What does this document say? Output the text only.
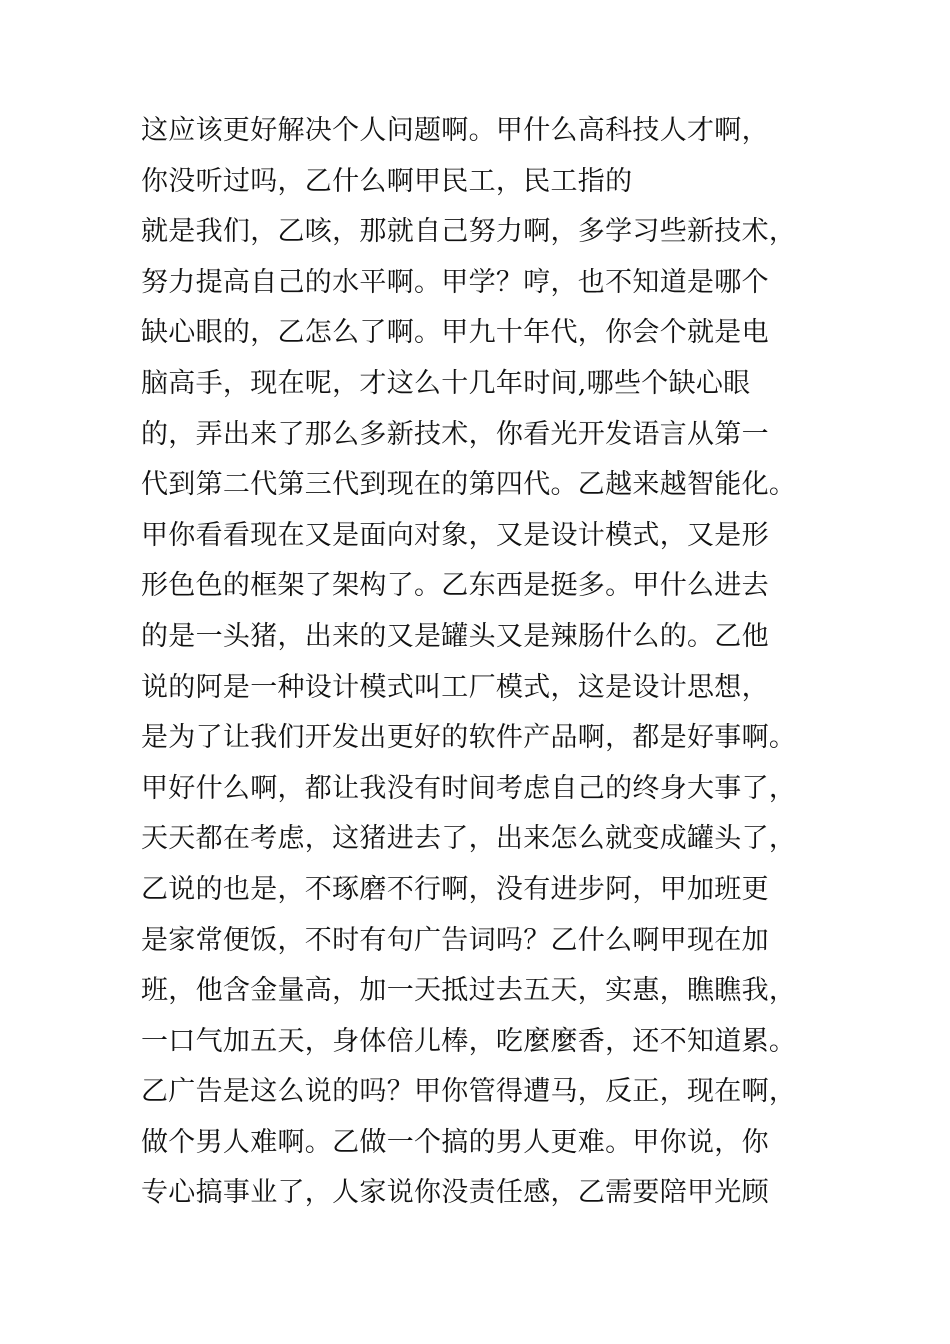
这应该更好解决个人问题啊。甲什么高科技人才啊，
你没听过吗，乙什么啊甲民工，民工指的
就是我们，乙咳，那就自己努力啊，多学习些新技术，
努力提高自己的水平啊。甲学？哼，也不知道是哪个
缺心眼的，乙怎么了啊。甲九十年代，你会个就是电
脑高手，现在呢，才这么十几年时间,哪些个缺心眼
的，弄出来了那么多新技术，你看光开发语言从第一
代到第二代第三代到现在的第四代。乙越来越智能化。
甲你看看现在又是面向对象，又是设计模式，又是形
形色色的框架了架构了。乙东西是挺多。甲什么进去
的是一头猪，出来的又是罐头又是辣肠什么的。乙他
说的阿是一种设计模式叫工厂模式，这是设计思想，
是为了让我们开发出更好的软件产品啊，都是好事啊。
甲好什么啊，都让我没有时间考虑自己的终身大事了，
天天都在考虑，这猪进去了，出来怎么就变成罐头了，
乙说的也是，不琢磨不行啊，没有进步阿，甲加班更
是家常便饭，不时有句广告词吗？乙什么啊甲现在加
班，他含金量高，加一天抵过去五天，实惠，瞧瞧我，
一口气加五天，身体倍儿棒，吃麼麼香，还不知道累。
乙广告是这么说的吗？甲你管得遭马，反正，现在啊，
做个男人难啊。乙做一个搞的男人更难。甲你说，你
专心搞事业了，人家说你没责任感，乙需要陪甲光顾
